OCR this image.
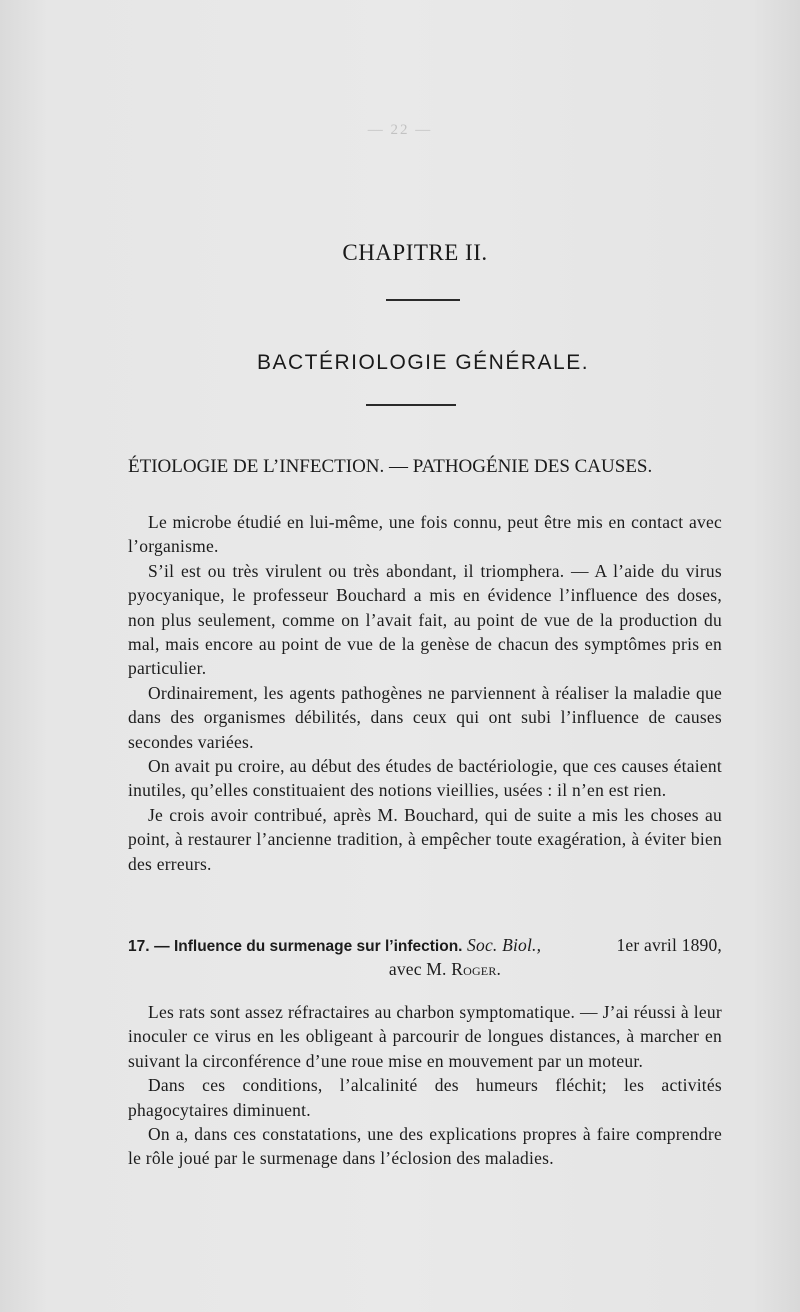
— 22 —
CHAPITRE II.
BACTÉRIOLOGIE GÉNÉRALE.
ÉTIOLOGIE DE L’INFECTION. — PATHOGÉNIE DES CAUSES.

Le microbe étudié en lui-même, une fois connu, peut être mis en contact avec l’organisme.

S’il est ou très virulent ou très abondant, il triomphera. — A l’aide du virus pyocyanique, le professeur Bouchard a mis en évidence l’influence des doses, non plus seulement, comme on l’avait fait, au point de vue de la production du mal, mais encore au point de vue de la genèse de chacun des symptômes pris en particulier.

Ordinairement, les agents pathogènes ne parviennent à réaliser la maladie que dans des organismes débilités, dans ceux qui ont subi l’influence de causes secondes variées.

On avait pu croire, au début des études de bactériologie, que ces causes étaient inutiles, qu’elles constituaient des notions vieillies, usées : il n’en est rien.

Je crois avoir contribué, après M. Bouchard, qui de suite a mis les choses au point, à restaurer l’ancienne tradition, à empêcher toute exagération, à éviter bien des erreurs.

17. — Influence du surmenage sur l’infection. Soc. Biol.,	1er avril 1890,
avec M. Roger.

Les rats sont assez réfractaires au charbon symptomatique. — J’ai réussi à leur inoculer ce virus en les obligeant à parcourir de longues distances, à marcher en suivant la circonférence d’une roue mise en mouvement par un moteur.

Dans ces conditions, l’alcalinité des humeurs fléchit; les activités phagocytaires diminuent.

On a, dans ces constatations, une des explications propres à faire comprendre le rôle joué par le surmenage dans l’éclosion des maladies.
